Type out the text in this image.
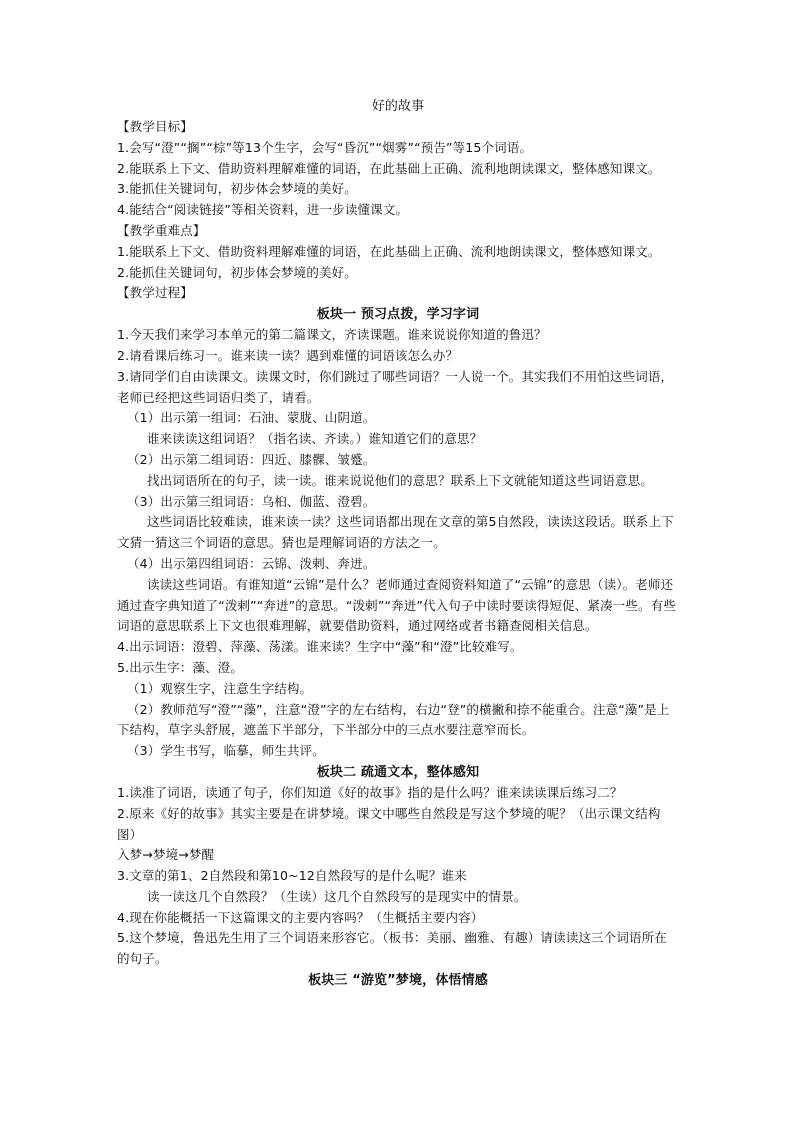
好的故事

【教学目标】

1.会写“澄”“搁”“棕”等13个生字，会写“昏沉”“烟雾”“预告”等15个词语。

2.能联系上下文、借助资料理解难懂的词语，在此基础上正确、流利地朗读课文，整体感知课文。

3.能抓住关键词句，初步体会梦境的美好。

4.能结合“阅读链接”等相关资料，进一步读懂课文。

【教学重难点】

1.能联系上下文、借助资料理解难懂的词语，在此基础上正确、流利地朗读课文，整体感知课文。

2.能抓住关键词句，初步体会梦境的美好。

【教学过程】

板块一 预习点拨，学习字词

1.今天我们来学习本单元的第二篇课文，齐读课题。谁来说说你知道的鲁迅？

2.请看课后练习一。谁来读一读？遇到难懂的词语该怎么办？

3.请同学们自由读课文。读课文时，你们跳过了哪些词语？一人说一个。其实我们不用怕这些词语，老师已经把这些词语归类了，请看。

（1）出示第一组词：石油、蒙胧、山阴道。

谁来读读这组词语？（指名读、齐读。）谁知道它们的意思？

（2）出示第二组词语：四近、膝髁、皱蹙。

找出词语所在的句子，读一读。谁来说说他们的意思？联系上下文就能知道这些词语意思。

（3）出示第三组词语：乌桕、伽蓝、澄碧。

这些词语比较难读，谁来读一读？这些词语都出现在文章的第5自然段，读读这段话。联系上下文猜一猜这三个词语的意思。猜也是理解词语的方法之一。

（4）出示第四组词语：云锦、泼剌、奔迸。

读读这些词语。有谁知道“云锦”是什么？老师通过查阅资料知道了“云锦”的意思（读）。老师还通过查字典知道了“泼剌”“奔迸”的意思。“泼剌”“奔迸”代入句子中读时要读得短促、紧凑一些。有些词语的意思联系上下文也很难理解，就要借助资料，通过网络或者书籍查阅相关信息。

4.出示词语：澄碧、萍藻、荡漾。谁来读？生字中“藻”和“澄”比较难写。

5.出示生字：藻、澄。

（1）观察生字，注意生字结构。

（2）教师范写“澄”“藻”，注意“澄”字的左右结构，右边“登”的横撇和捺不能重合。注意“藻”是上下结构，草字头舒展，遮盖下半部分，下半部分中的三点水要注意窄而长。

（3）学生书写，临摹，师生共评。

板块二 疏通文本，整体感知

1.读准了词语，读通了句子，你们知道《好的故事》指的是什么吗？谁来读读课后练习二？

2.原来《好的故事》其实主要是在讲梦境。课文中哪些自然段是写这个梦境的呢？（出示课文结构图）

入梦→梦境→梦醒

3.文章的第1、2自然段和第10~12自然段写的是什么呢？谁来

读一读这几个自然段？（生读）这几个自然段写的是现实中的情景。

4.现在你能概括一下这篇课文的主要内容吗？（生概括主要内容）

5.这个梦境，鲁迅先生用了三个词语来形容它。（板书：美丽、幽雅、有趣）请读读这三个词语所在的句子。

板块三 “游览”梦境，体悟情感
